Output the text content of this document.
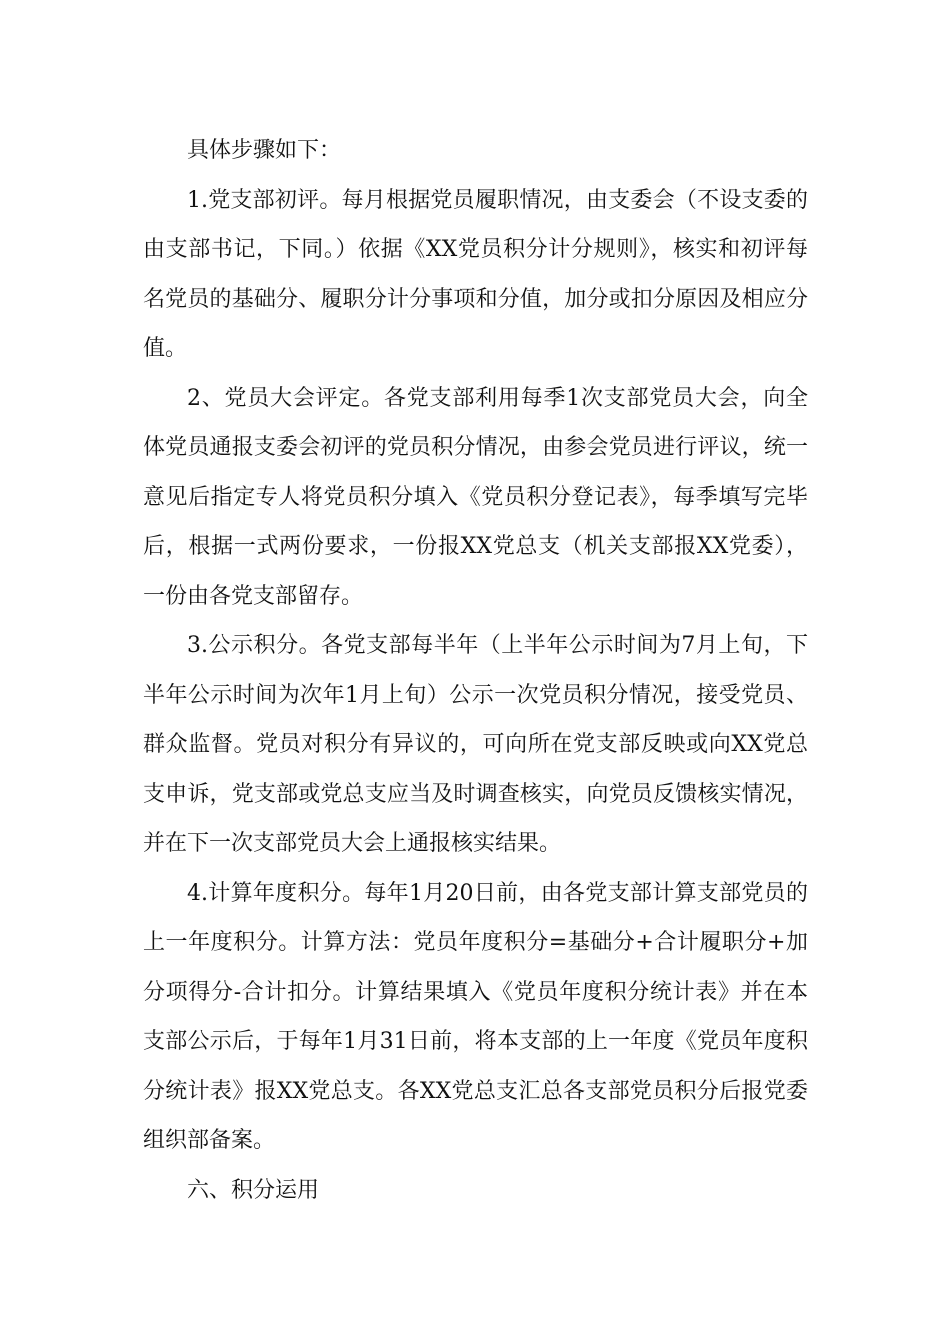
具体步骤如下：

1.党支部初评。每月根据党员履职情况，由支委会（不设支委的由支部书记，下同。）依据《XX党员积分计分规则》，核实和初评每名党员的基础分、履职分计分事项和分值，加分或扣分原因及相应分值。

2、党员大会评定。各党支部利用每季1次支部党员大会，向全体党员通报支委会初评的党员积分情况，由参会党员进行评议，统一意见后指定专人将党员积分填入《党员积分登记表》，每季填写完毕后，根据一式两份要求，一份报XX党总支（机关支部报XX党委），一份由各党支部留存。

3.公示积分。各党支部每半年（上半年公示时间为7月上旬，下半年公示时间为次年1月上旬）公示一次党员积分情况，接受党员、群众监督。党员对积分有异议的，可向所在党支部反映或向XX党总支申诉，党支部或党总支应当及时调查核实，向党员反馈核实情况，并在下一次支部党员大会上通报核实结果。

4.计算年度积分。每年1月20日前，由各党支部计算支部党员的上一年度积分。计算方法：党员年度积分=基础分+合计履职分+加分项得分-合计扣分。计算结果填入《党员年度积分统计表》并在本支部公示后，于每年1月31日前，将本支部的上一年度《党员年度积分统计表》报XX党总支。各XX党总支汇总各支部党员积分后报党委组织部备案。

六、积分运用
